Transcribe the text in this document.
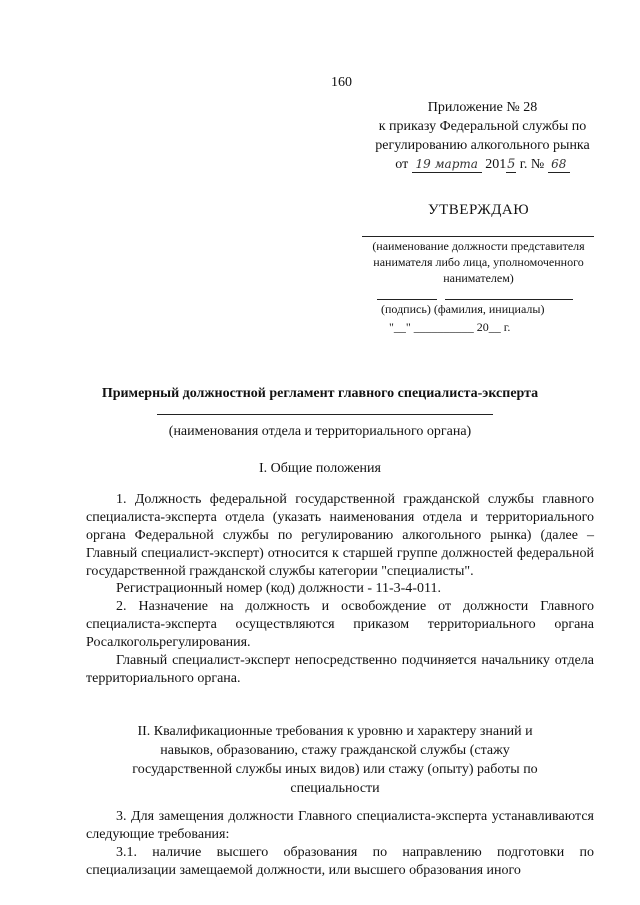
160
Приложение № 28
к приказу Федеральной службы по
регулированию алкогольного рынка
от 19 марта 2015 г. № 68
УТВЕРЖДАЮ
(наименование должности представителя нанимателя либо лица, уполномоченного нанимателем)
(подпись) (фамилия, инициалы)
"__" __________ 20__ г.
Примерный должностной регламент главного специалиста-эксперта
(наименования отдела и территориального органа)
I. Общие положения
1. Должность федеральной государственной гражданской службы главного специалиста-эксперта отдела (указать наименования отдела и территориального органа Федеральной службы по регулированию алкогольного рынка) (далее – Главный специалист-эксперт) относится к старшей группе должностей федеральной государственной гражданской службы категории "специалисты".
Регистрационный номер (код) должности - 11-3-4-011.
2. Назначение на должность и освобождение от должности Главного специалиста-эксперта осуществляются приказом территориального органа Росалкогольрегулирования.
Главный специалист-эксперт непосредственно подчиняется начальнику отдела территориального органа.
II. Квалификационные требования к уровню и характеру знаний и навыков, образованию, стажу гражданской службы (стажу государственной службы иных видов) или стажу (опыту) работы по специальности
3. Для замещения должности Главного специалиста-эксперта устанавливаются следующие требования:
3.1. наличие высшего образования по направлению подготовки по специализации замещаемой должности, или высшего образования иного
